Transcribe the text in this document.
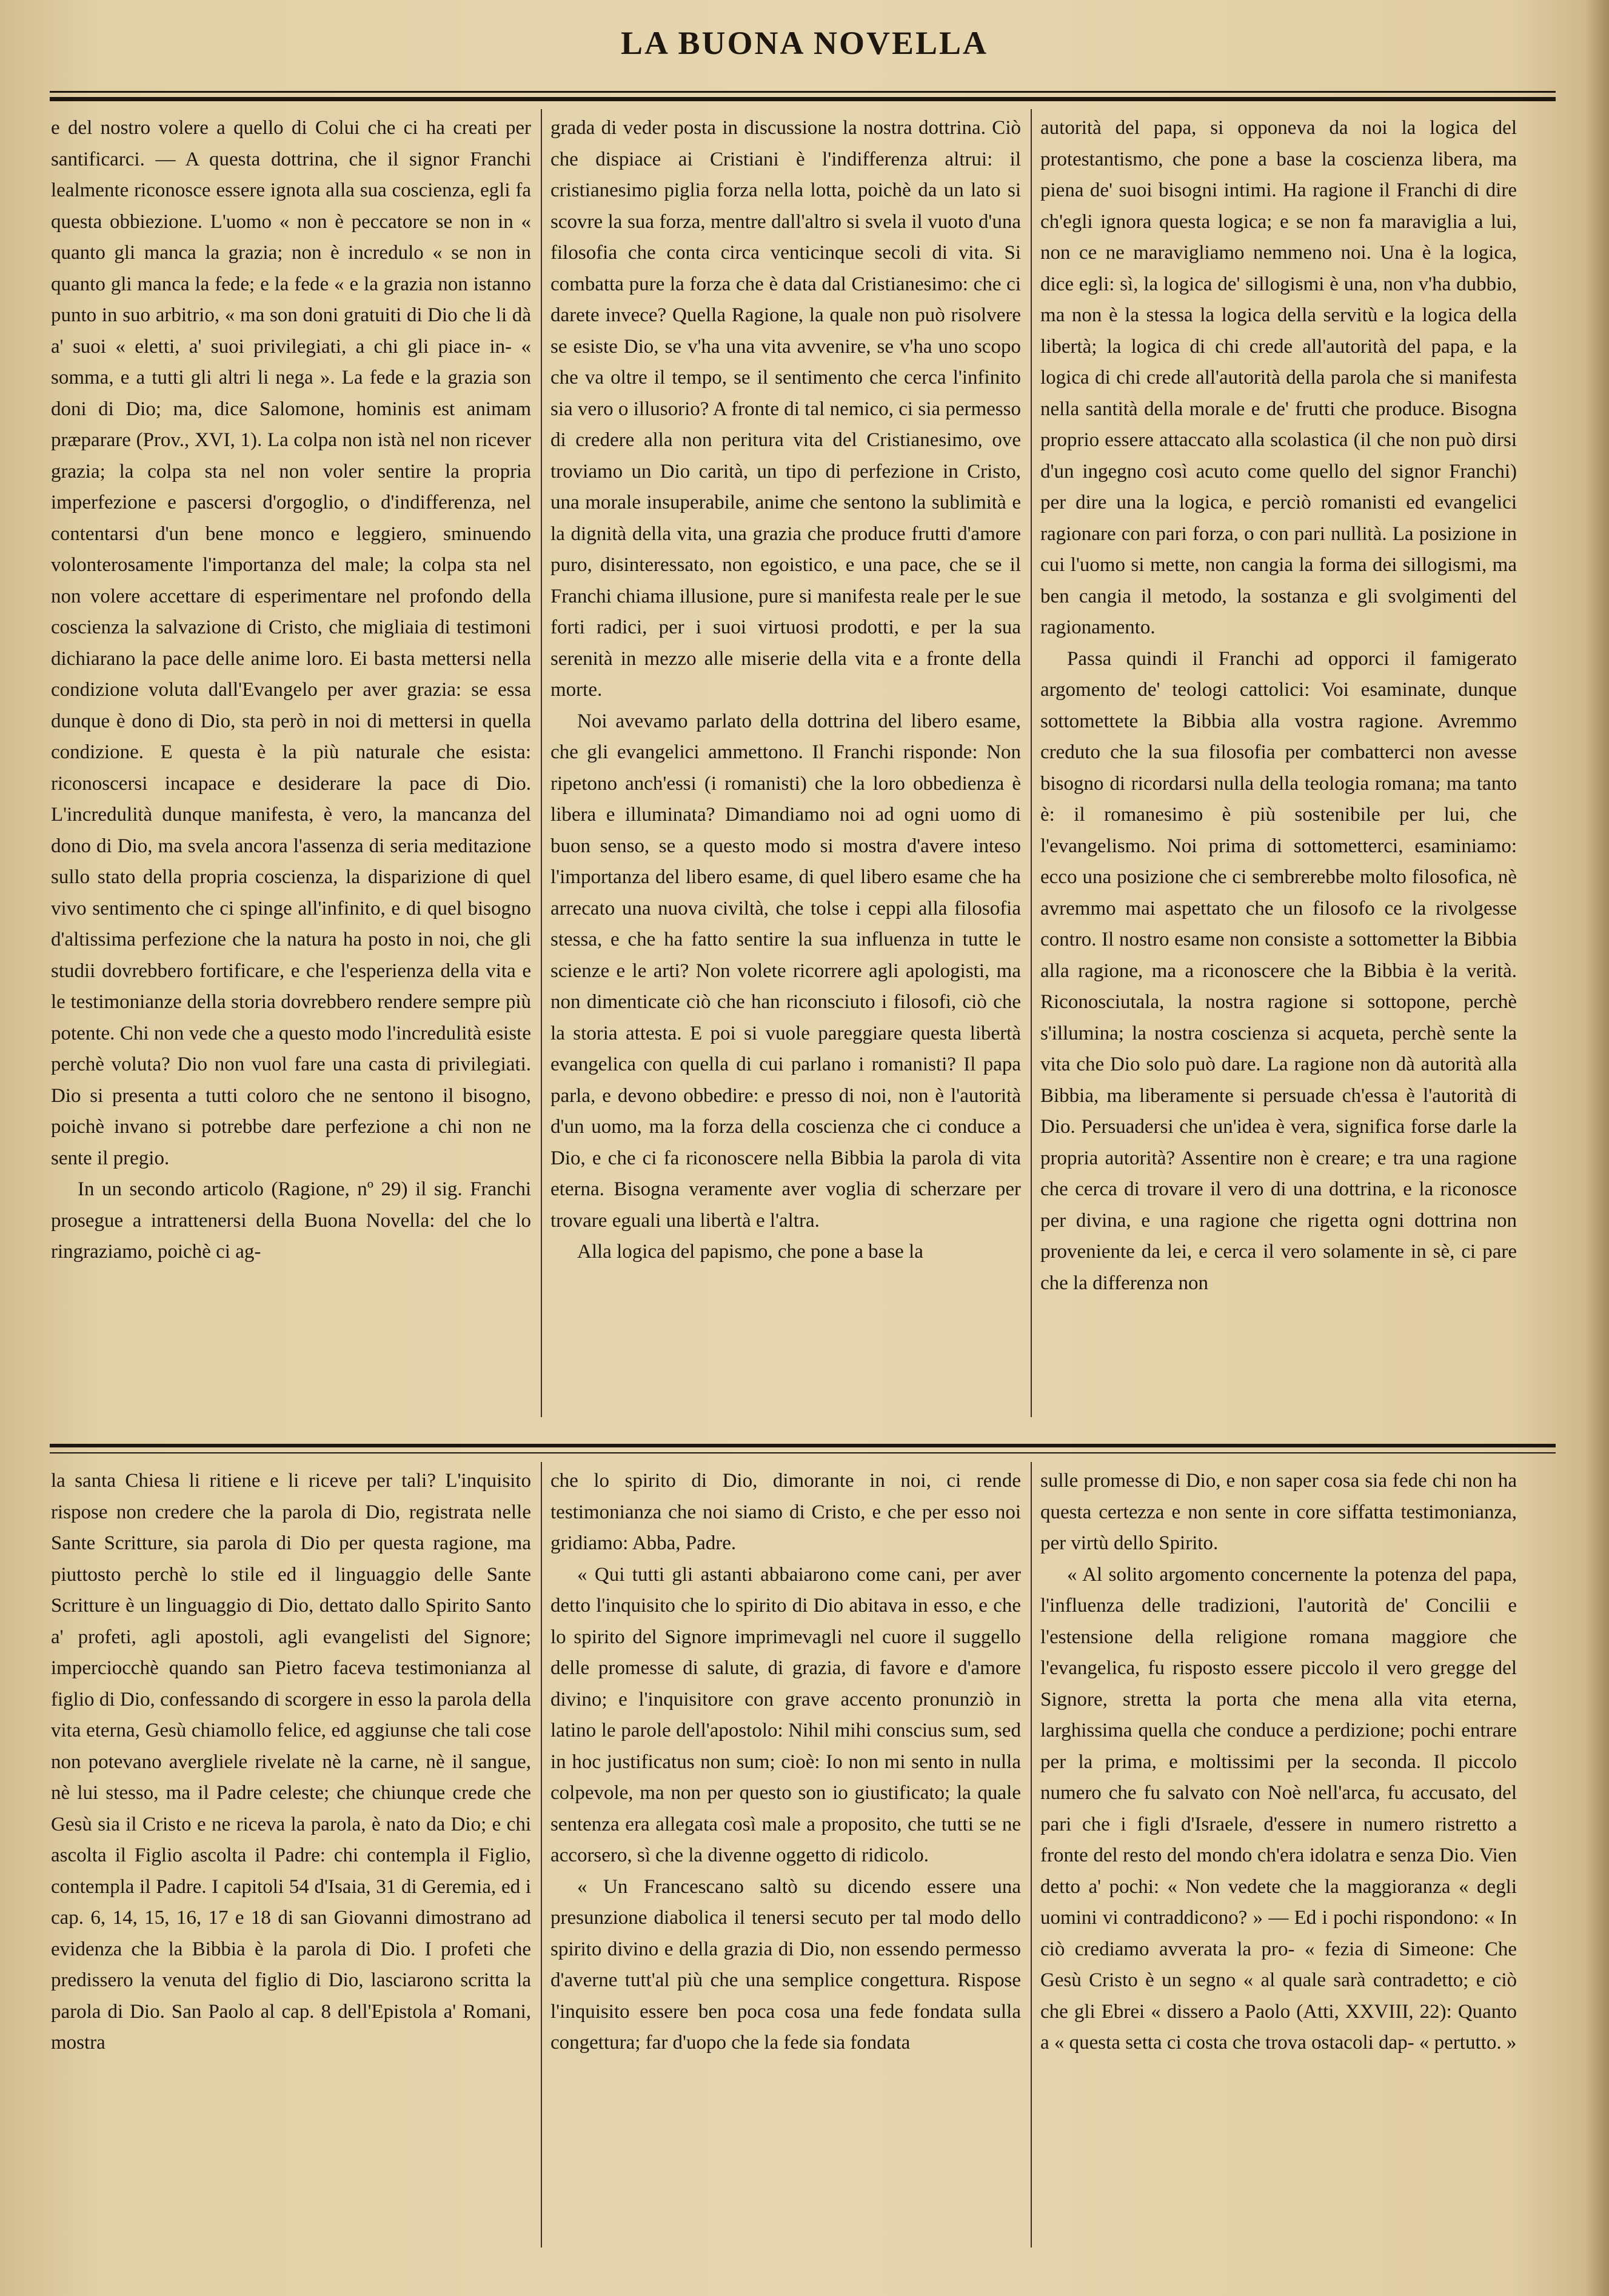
LA BUONA NOVELLA

e del nostro volere a quello di Colui che ci ha creati per santificarci. — A questa dottrina, che il signor Franchi lealmente riconosce essere ignota alla sua coscienza, egli fa questa obbiezione. L'uomo « non è peccatore se non in « quanto gli manca la grazia; non è incredulo « se non in quanto gli manca la fede; e la fede « e la grazia non istanno punto in suo arbitrio, « ma son doni gratuiti di Dio che li dà a' suoi « eletti, a' suoi privilegiati, a chi gli piace in- « somma, e a tutti gli altri li nega ». La fede e la grazia son doni di Dio; ma, dice Salomone, hominis est animam præparare (Prov., XVI, 1). La colpa non istà nel non ricever grazia; la colpa sta nel non voler sentire la propria imperfezione e pascersi d'orgoglio, o d'indifferenza, nel contentarsi d'un bene monco e leggiero, sminuendo volonterosamente l'importanza del male; la colpa sta nel non volere accettare di esperimentare nel profondo della coscienza la salvazione di Cristo, che migliaia di testimoni dichiarano la pace delle anime loro. Ei basta mettersi nella condizione voluta dall'Evangelo per aver grazia: se essa dunque è dono di Dio, sta però in noi di mettersi in quella condizione. E questa è la più naturale che esista: riconoscersi incapace e desiderare la pace di Dio. L'incredulità dunque manifesta, è vero, la mancanza del dono di Dio, ma svela ancora l'assenza di seria meditazione sullo stato della propria coscienza, la disparizione di quel vivo sentimento che ci spinge all'infinito, e di quel bisogno d'altissima perfezione che la natura ha posto in noi, che gli studii dovrebbero fortificare, e che l'esperienza della vita e le testimonianze della storia dovrebbero rendere sempre più potente. Chi non vede che a questo modo l'incredulità esiste perchè voluta? Dio non vuol fare una casta di privilegiati. Dio si presenta a tutti coloro che ne sentono il bisogno, poichè invano si potrebbe dare perfezione a chi non ne sente il pregio.

In un secondo articolo (Ragione, nº 29) il sig. Franchi prosegue a intrattenersi della Buona Novella: del che lo ringraziamo, poichè ci ag-

grada di veder posta in discussione la nostra dottrina. Ciò che dispiace ai Cristiani è l'indifferenza altrui: il cristianesimo piglia forza nella lotta, poichè da un lato si scovre la sua forza, mentre dall'altro si svela il vuoto d'una filosofia che conta circa venticinque secoli di vita. Si combatta pure la forza che è data dal Cristianesimo: che ci darete invece? Quella Ragione, la quale non può risolvere se esiste Dio, se v'ha una vita avvenire, se v'ha uno scopo che va oltre il tempo, se il sentimento che cerca l'infinito sia vero o illusorio? A fronte di tal nemico, ci sia permesso di credere alla non peritura vita del Cristianesimo, ove troviamo un Dio carità, un tipo di perfezione in Cristo, una morale insuperabile, anime che sentono la sublimità e la dignità della vita, una grazia che produce frutti d'amore puro, disinteressato, non egoistico, e una pace, che se il Franchi chiama illusione, pure si manifesta reale per le sue forti radici, per i suoi virtuosi prodotti, e per la sua serenità in mezzo alle miserie della vita e a fronte della morte.

Noi avevamo parlato della dottrina del libero esame, che gli evangelici ammettono. Il Franchi risponde: Non ripetono anch'essi (i romanisti) che la loro obbedienza è libera e illuminata? Dimandiamo noi ad ogni uomo di buon senso, se a questo modo si mostra d'avere inteso l'importanza del libero esame, di quel libero esame che ha arrecato una nuova civiltà, che tolse i ceppi alla filosofia stessa, e che ha fatto sentire la sua influenza in tutte le scienze e le arti? Non volete ricorrere agli apologisti, ma non dimenticate ciò che han riconsciuto i filosofi, ciò che la storia attesta. E poi si vuole pareggiare questa libertà evangelica con quella di cui parlano i romanisti? Il papa parla, e devono obbedire: e presso di noi, non è l'autorità d'un uomo, ma la forza della coscienza che ci conduce a Dio, e che ci fa riconoscere nella Bibbia la parola di vita eterna. Bisogna veramente aver voglia di scherzare per trovare eguali una libertà e l'altra.

Alla logica del papismo, che pone a base la

autorità del papa, si opponeva da noi la logica del protestantismo, che pone a base la coscienza libera, ma piena de' suoi bisogni intimi. Ha ragione il Franchi di dire ch'egli ignora questa logica; e se non fa maraviglia a lui, non ce ne maravigliamo nemmeno noi. Una è la logica, dice egli: sì, la logica de' sillogismi è una, non v'ha dubbio, ma non è la stessa la logica della servitù e la logica della libertà; la logica di chi crede all'autorità del papa, e la logica di chi crede all'autorità della parola che si manifesta nella santità della morale e de' frutti che produce. Bisogna proprio essere attaccato alla scolastica (il che non può dirsi d'un ingegno così acuto come quello del signor Franchi) per dire una la logica, e perciò romanisti ed evangelici ragionare con pari forza, o con pari nullità. La posizione in cui l'uomo si mette, non cangia la forma dei sillogismi, ma ben cangia il metodo, la sostanza e gli svolgimenti del ragionamento.

Passa quindi il Franchi ad opporci il famigerato argomento de' teologi cattolici: Voi esaminate, dunque sottomettete la Bibbia alla vostra ragione. Avremmo creduto che la sua filosofia per combatterci non avesse bisogno di ricordarsi nulla della teologia romana; ma tanto è: il romanesimo è più sostenibile per lui, che l'evangelismo. Noi prima di sottometterci, esaminiamo: ecco una posizione che ci sembrerebbe molto filosofica, nè avremmo mai aspettato che un filosofo ce la rivolgesse contro. Il nostro esame non consiste a sottometter la Bibbia alla ragione, ma a riconoscere che la Bibbia è la verità. Riconosciutala, la nostra ragione si sottopone, perchè s'illumina; la nostra coscienza si acqueta, perchè sente la vita che Dio solo può dare. La ragione non dà autorità alla Bibbia, ma liberamente si persuade ch'essa è l'autorità di Dio. Persuadersi che un'idea è vera, significa forse darle la propria autorità? Assentire non è creare; e tra una ragione che cerca di trovare il vero di una dottrina, e la riconosce per divina, e una ragione che rigetta ogni dottrina non proveniente da lei, e cerca il vero solamente in sè, ci pare che la differenza non

la santa Chiesa li ritiene e li riceve per tali? L'inquisito rispose non credere che la parola di Dio, registrata nelle Sante Scritture, sia parola di Dio per questa ragione, ma piuttosto perchè lo stile ed il linguaggio delle Sante Scritture è un linguaggio di Dio, dettato dallo Spirito Santo a' profeti, agli apostoli, agli evangelisti del Signore; imperciocchè quando san Pietro faceva testimonianza al figlio di Dio, confessando di scorgere in esso la parola della vita eterna, Gesù chiamollo felice, ed aggiunse che tali cose non potevano avergliele rivelate nè la carne, nè il sangue, nè lui stesso, ma il Padre celeste; che chiunque crede che Gesù sia il Cristo e ne riceva la parola, è nato da Dio; e chi ascolta il Figlio ascolta il Padre: chi contempla il Figlio, contempla il Padre. I capitoli 54 d'Isaia, 31 di Geremia, ed i cap. 6, 14, 15, 16, 17 e 18 di san Giovanni dimostrano ad evidenza che la Bibbia è la parola di Dio. I profeti che predissero la venuta del figlio di Dio, lasciarono scritta la parola di Dio. San Paolo al cap. 8 dell'Epistola a' Romani, mostra

che lo spirito di Dio, dimorante in noi, ci rende testimonianza che noi siamo di Cristo, e che per esso noi gridiamo: Abba, Padre.

« Qui tutti gli astanti abbaiarono come cani, per aver detto l'inquisito che lo spirito di Dio abitava in esso, e che lo spirito del Signore imprimevagli nel cuore il suggello delle promesse di salute, di grazia, di favore e d'amore divino; e l'inquisitore con grave accento pronunziò in latino le parole dell'apostolo: Nihil mihi conscius sum, sed in hoc justificatus non sum; cioè: Io non mi sento in nulla colpevole, ma non per questo son io giustificato; la quale sentenza era allegata così male a proposito, che tutti se ne accorsero, sì che la divenne oggetto di ridicolo.

« Un Francescano saltò su dicendo essere una presunzione diabolica il tenersi secuto per tal modo dello spirito divino e della grazia di Dio, non essendo permesso d'averne tutt'al più che una semplice congettura. Rispose l'inquisito essere ben poca cosa una fede fondata sulla congettura; far d'uopo che la fede sia fondata

sulle promesse di Dio, e non saper cosa sia fede chi non ha questa certezza e non sente in core siffatta testimonianza, per virtù dello Spirito.

« Al solito argomento concernente la potenza del papa, l'influenza delle tradizioni, l'autorità de' Concilii e l'estensione della religione romana maggiore che l'evangelica, fu risposto essere piccolo il vero gregge del Signore, stretta la porta che mena alla vita eterna, larghissima quella che conduce a perdizione; pochi entrare per la prima, e moltissimi per la seconda. Il piccolo numero che fu salvato con Noè nell'arca, fu accusato, del pari che i figli d'Israele, d'essere in numero ristretto a fronte del resto del mondo ch'era idolatra e senza Dio. Vien detto a' pochi: « Non vedete che la maggioranza « degli uomini vi contraddicono? » — Ed i pochi rispondono: « In ciò crediamo avverata la pro- « fezia di Simeone: Che Gesù Cristo è un segno « al quale sarà contradetto; e ciò che gli Ebrei « dissero a Paolo (Atti, XXVIII, 22): Quanto a « questa setta ci costa che trova ostacoli dap- « pertutto. »
